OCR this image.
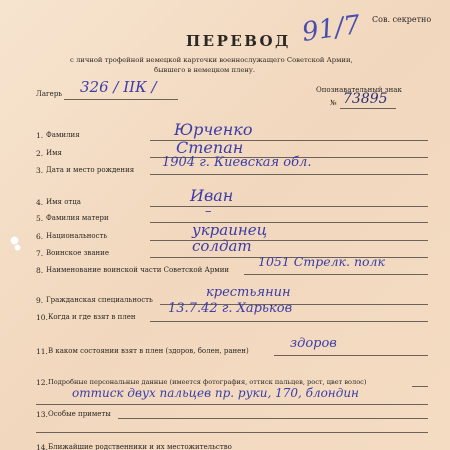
Сов. секретно
91/7
ПЕРЕВОД
с личной трофейной немецкой карточки военнослужащего Советской Армии,
бывшего в немецком плену.
Лагерь 326 / IIК /	Опознавательный знак
№ 73895
1. Фамилия	Юрченко
2. Имя	Степан
3. Дата и место рождения 1904 г. Киевская обл.
4. Имя отца	Иван
5. Фамилия матери	–
6. Национальность	украинец
7. Воинское звание	солдат
8. Наименование воинской части Советской Армии
1051 Стрелк. полк
9. Гражданская специальность	крестьянин
10. Когда и где взят в плен
13.7.42 г. Харьков
11. В каком состоянии взят в плен (здоров, болен, ранен)	здоров
12. Подробные персональные данные (имеется фотография, оттиск пальцев, рост, цвет волос)
оттиск двух пальцев пр. руки, 170, блондин
13. Особые приметы
14. Ближайшие родственники и их местожительство
